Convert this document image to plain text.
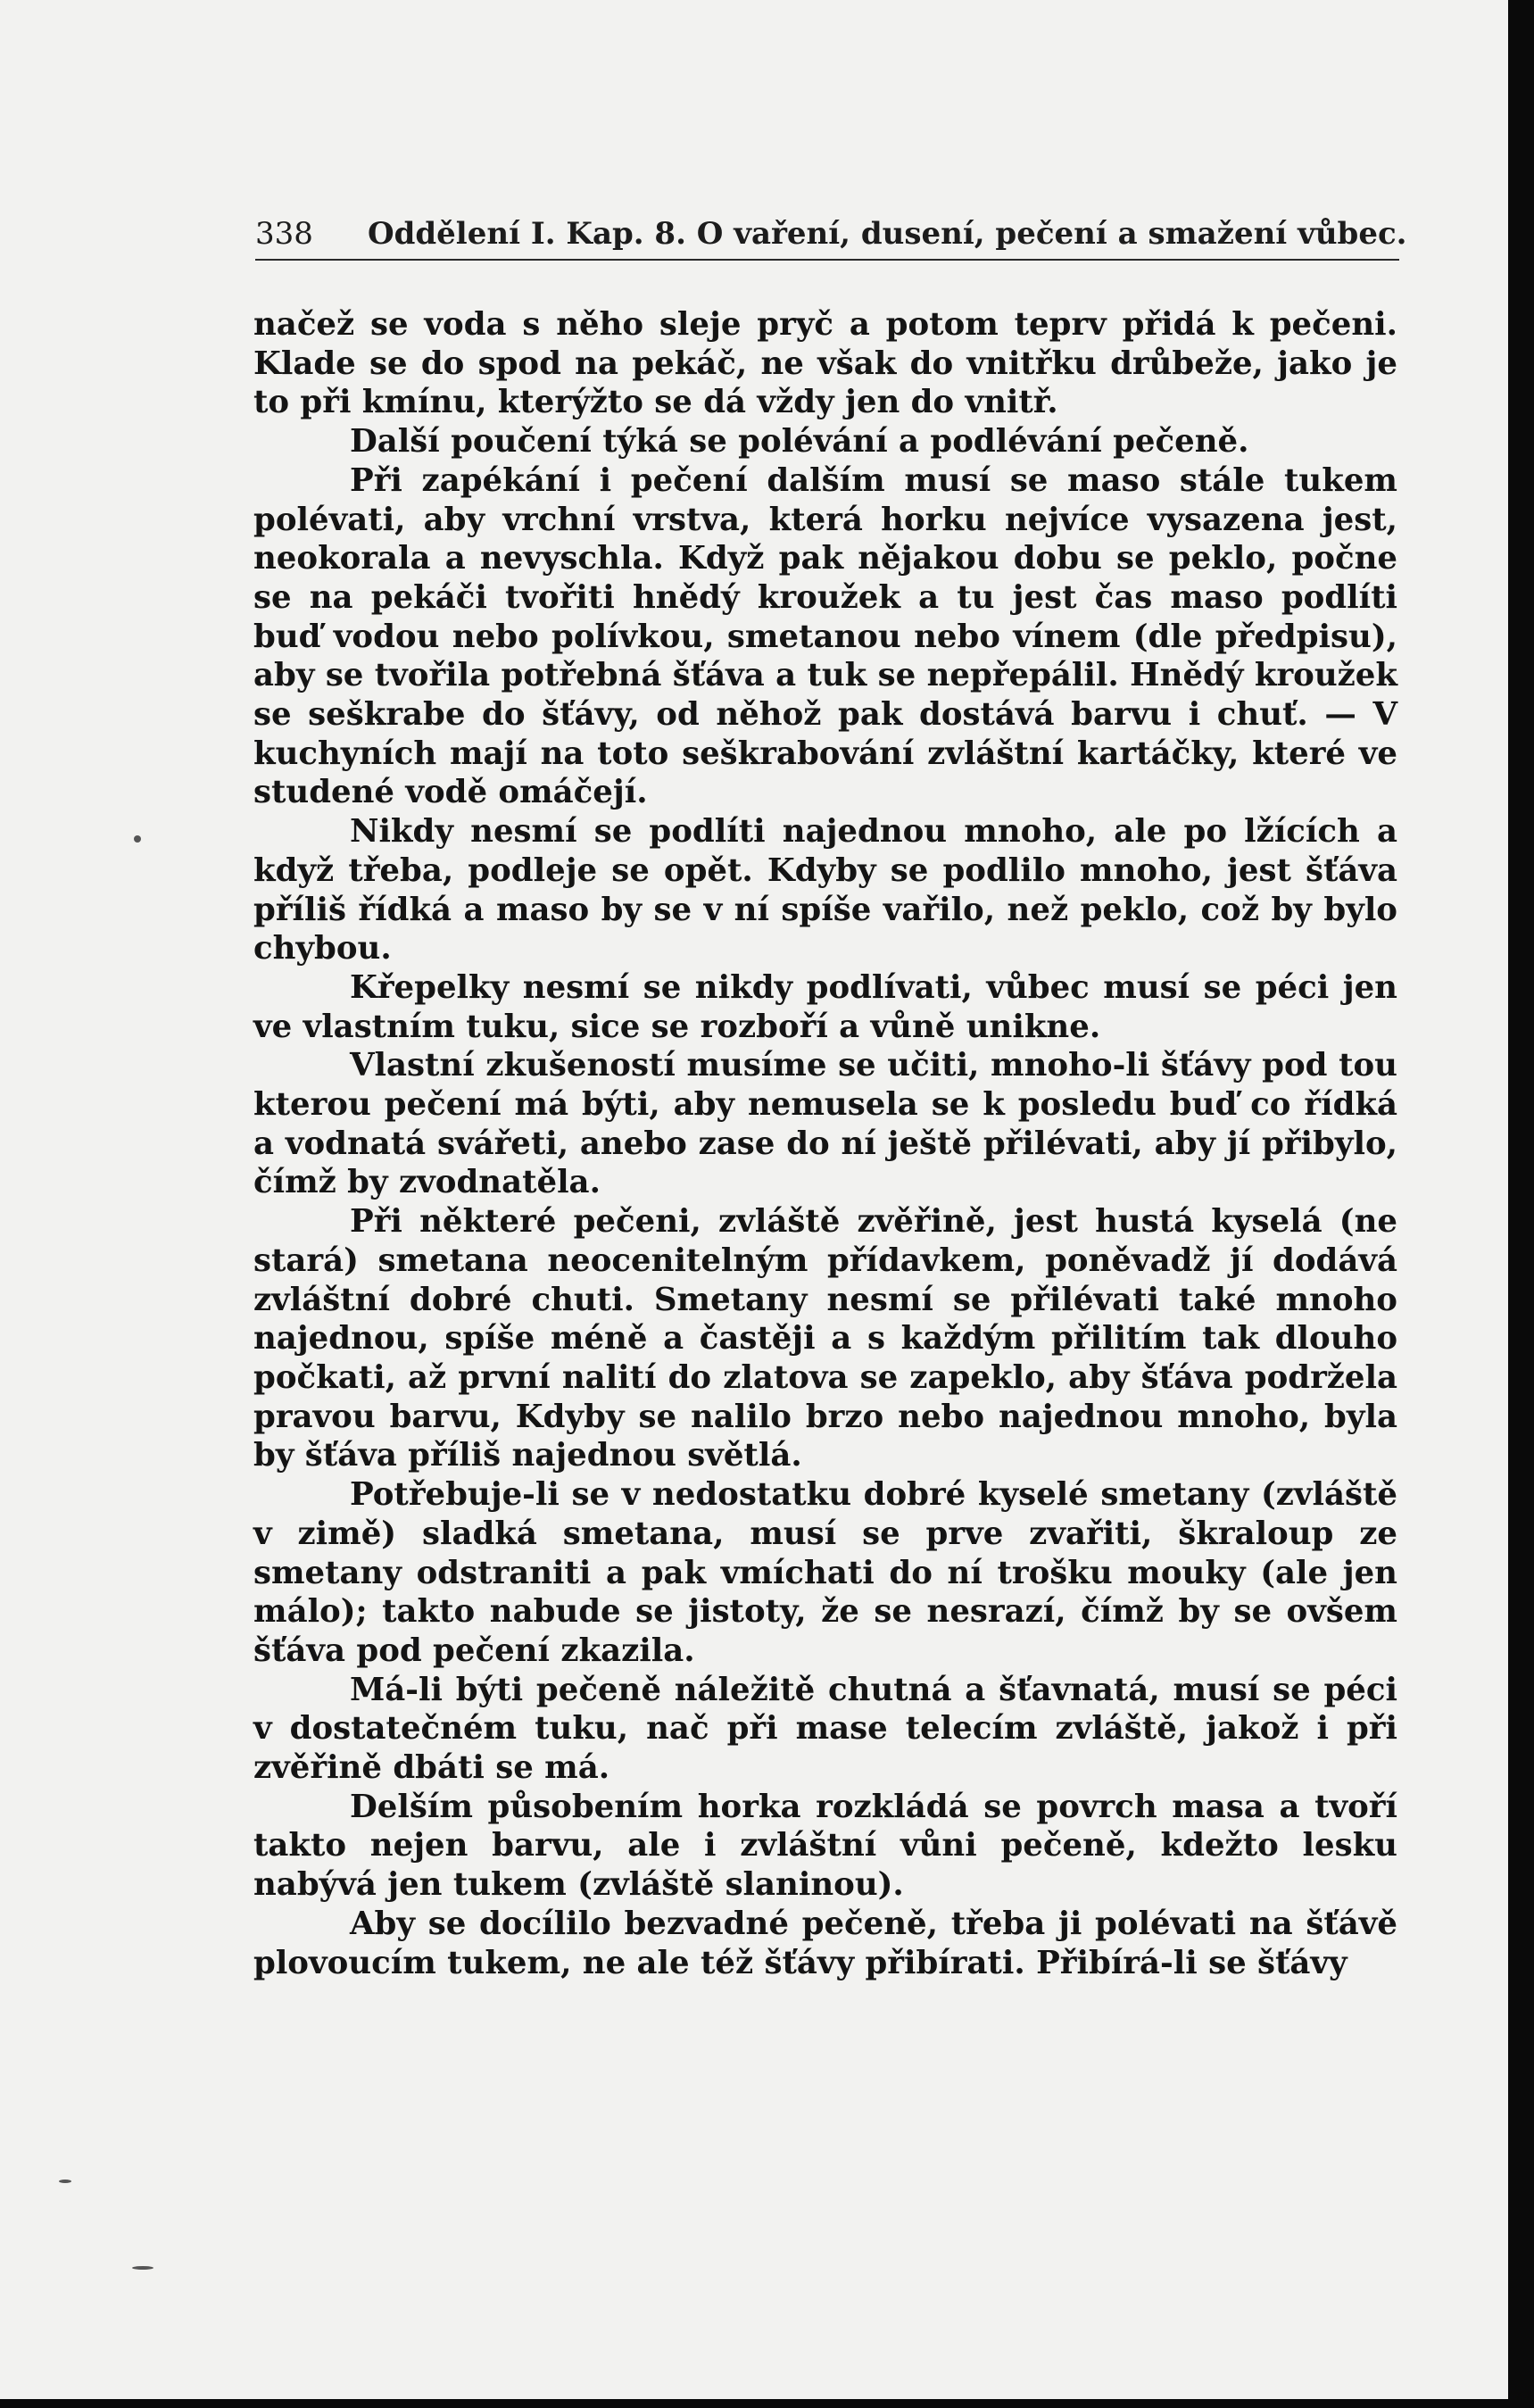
338 Oddělení I. Kap. 8. O vaření, dusení, pečení a smažení vůbec.

načež se voda s něho sleje pryč a potom teprv přidá k pečeni. Klade se do spod na pekáč, ne však do vnitřku drůbeže, jako je to při kmínu, kterýžto se dá vždy jen do vnitř.

Další poučení týká se polévání a podlévání pečeně.

Při zapékání i pečení dalším musí se maso stále tukem polévati, aby vrchní vrstva, která horku nejvíce vysazena jest, neokorala a nevyschla. Když pak nějakou dobu se peklo, počne se na pekáči tvořiti hnědý kroužek a tu jest čas maso podlíti buď vodou nebo polívkou, smetanou nebo vínem (dle předpisu), aby se tvořila potřebná šťáva a tuk se nepřepálil. Hnědý kroužek se seškrabe do šťávy, od něhož pak dostává barvu i chuť. — V kuchyních mají na toto seškrabování zvláštní kartáčky, které ve studené vodě omáčejí.

Nikdy nesmí se podlíti najednou mnoho, ale po lžících a když třeba, podleje se opět. Kdyby se podlilo mnoho, jest šťáva příliš řídká a maso by se v ní spíše vařilo, než peklo, což by bylo chybou.

Křepelky nesmí se nikdy podlívati, vůbec musí se péci jen ve vlastním tuku, sice se rozboří a vůně unikne.

Vlastní zkušeností musíme se učiti, mnoho-li šťávy pod tou kterou pečení má býti, aby nemusela se k posledu buď co řídká a vodnatá svářeti, anebo zase do ní ještě přilévati, aby jí přibylo, čímž by zvodnatěla.

Při některé pečeni, zvláště zvěřině, jest hustá kyselá (ne stará) smetana neocenitelným přídavkem, poněvadž jí dodává zvláštní dobré chuti. Smetany nesmí se přilévati také mnoho najednou, spíše méně a častěji a s každým přilitím tak dlouho počkati, až první nalití do zlatova se zapeklo, aby šťáva podržela pravou barvu, Kdyby se nalilo brzo nebo najednou mnoho, byla by šťáva příliš najednou světlá.

Potřebuje-li se v nedostatku dobré kyselé smetany (zvláště v zimě) sladká smetana, musí se prve zvařiti, škraloup ze smetany odstraniti a pak vmíchati do ní trošku mouky (ale jen málo); takto nabude se jistoty, že se nesrazí, čímž by se ovšem šťáva pod pečení zkazila.

Má-li býti pečeně náležitě chutná a šťavnatá, musí se péci v dostatečném tuku, nač při mase telecím zvláště, jakož i při zvěřině dbáti se má.

Delším působením horka rozkládá se povrch masa a tvoří takto nejen barvu, ale i zvláštní vůni pečeně, kdežto lesku nabývá jen tukem (zvláště slaninou).

Aby se docílilo bezvadné pečeně, třeba ji polévati na šťávě plovoucím tukem, ne ale též šťávy přibírati. Přibírá-li se šťávy
